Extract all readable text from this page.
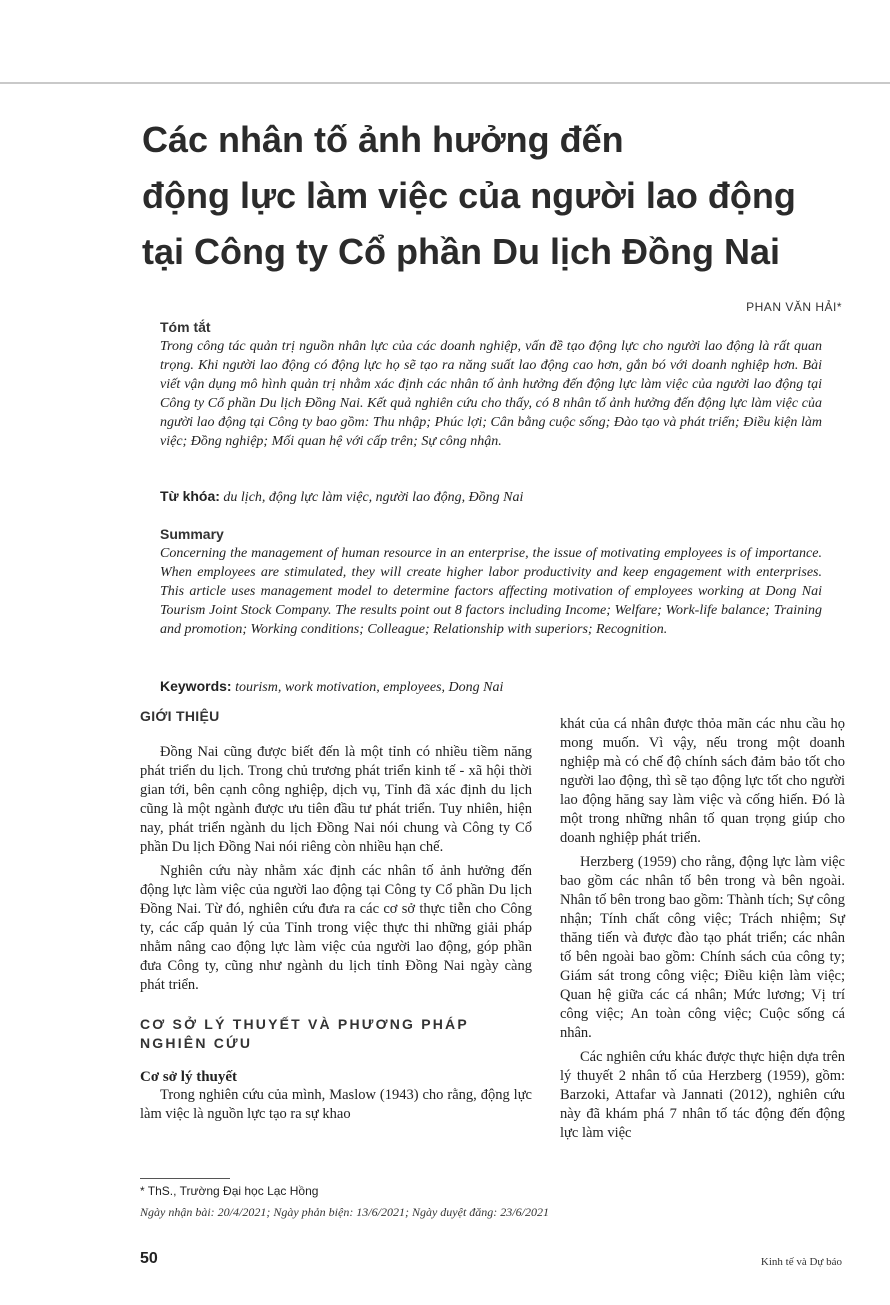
Các nhân tố ảnh hưởng đến
động lực làm việc của người lao động
tại Công ty Cổ phần Du lịch Đồng Nai
PHAN VĂN HẢI*
Tóm tắt

Trong công tác quản trị nguồn nhân lực của các doanh nghiệp, vấn đề tạo động lực cho người lao động là rất quan trọng. Khi người lao động có động lực họ sẽ tạo ra năng suất lao động cao hơn, gắn bó với doanh nghiệp hơn. Bài viết vận dụng mô hình quản trị nhằm xác định các nhân tố ảnh hưởng đến động lực làm việc của người lao động tại Công ty Cổ phần Du lịch Đồng Nai. Kết quả nghiên cứu cho thấy, có 8 nhân tố ảnh hưởng đến động lực làm việc của người lao động tại Công ty bao gồm: Thu nhập; Phúc lợi; Cân bằng cuộc sống; Đào tạo và phát triển; Điều kiện làm việc; Đồng nghiệp; Mối quan hệ với cấp trên; Sự công nhận.

Từ khóa: du lịch, động lực làm việc, người lao động, Đồng Nai
Summary

Concerning the management of human resource in an enterprise, the issue of motivating employees is of importance. When employees are stimulated, they will create higher labor productivity and keep engagement with enterprises. This article uses management model to determine factors affecting motivation of employees working at Dong Nai Tourism Joint Stock Company. The results point out 8 factors including Income; Welfare; Work-life balance; Training and promotion; Working conditions; Colleague; Relationship with superiors; Recognition.

Keywords: tourism, work motivation, employees, Dong Nai
GIỚI THIỆU

Đồng Nai cũng được biết đến là một tỉnh có nhiều tiềm năng phát triển du lịch. Trong chủ trương phát triển kinh tế - xã hội thời gian tới, bên cạnh công nghiệp, dịch vụ, Tỉnh đã xác định du lịch cũng là một ngành được ưu tiên đầu tư phát triển. Tuy nhiên, hiện nay, phát triển ngành du lịch Đồng Nai nói chung và Công ty Cổ phần Du lịch Đồng Nai nói riêng còn nhiều hạn chế.

Nghiên cứu này nhằm xác định các nhân tố ảnh hưởng đến động lực làm việc của người lao động tại Công ty Cổ phần Du lịch Đồng Nai. Từ đó, nghiên cứu đưa ra các cơ sở thực tiễn cho Công ty, các cấp quản lý của Tỉnh trong việc thực thi những giải pháp nhằm nâng cao động lực làm việc của người lao động, góp phần đưa Công ty, cũng như ngành du lịch tỉnh Đồng Nai ngày càng phát triển.

CƠ SỞ LÝ THUYẾT VÀ PHƯƠNG PHÁP NGHIÊN CỨU
Cơ sở lý thuyết

Trong nghiên cứu của mình, Maslow (1943) cho rằng, động lực làm việc là nguồn lực tạo ra sự khao

khát của cá nhân được thỏa mãn các nhu cầu họ mong muốn. Vì vậy, nếu trong một doanh nghiệp mà có chế độ chính sách đảm bảo tốt cho người lao động, thì sẽ tạo động lực tốt cho người lao động hăng say làm việc và cống hiến. Đó là một trong những nhân tố quan trọng giúp cho doanh nghiệp phát triển.

Herzberg (1959) cho rằng, động lực làm việc bao gồm các nhân tố bên trong và bên ngoài. Nhân tố bên trong bao gồm: Thành tích; Sự công nhận; Tính chất công việc; Trách nhiệm; Sự thăng tiến và được đào tạo phát triển; các nhân tố bên ngoài bao gồm: Chính sách của công ty; Giám sát trong công việc; Điều kiện làm việc; Quan hệ giữa các cá nhân; Mức lương; Vị trí công việc; An toàn công việc; Cuộc sống cá nhân.

Các nghiên cứu khác được thực hiện dựa trên lý thuyết 2 nhân tố của Herzberg (1959), gồm: Barzoki, Attafar và Jannati (2012), nghiên cứu này đã khám phá 7 nhân tố tác động đến động lực làm việc

* ThS., Trường Đại học Lạc Hồng
Ngày nhận bài: 20/4/2021; Ngày phản biện: 13/6/2021; Ngày duyệt đăng: 23/6/2021
50	Kinh tế và Dự báo
